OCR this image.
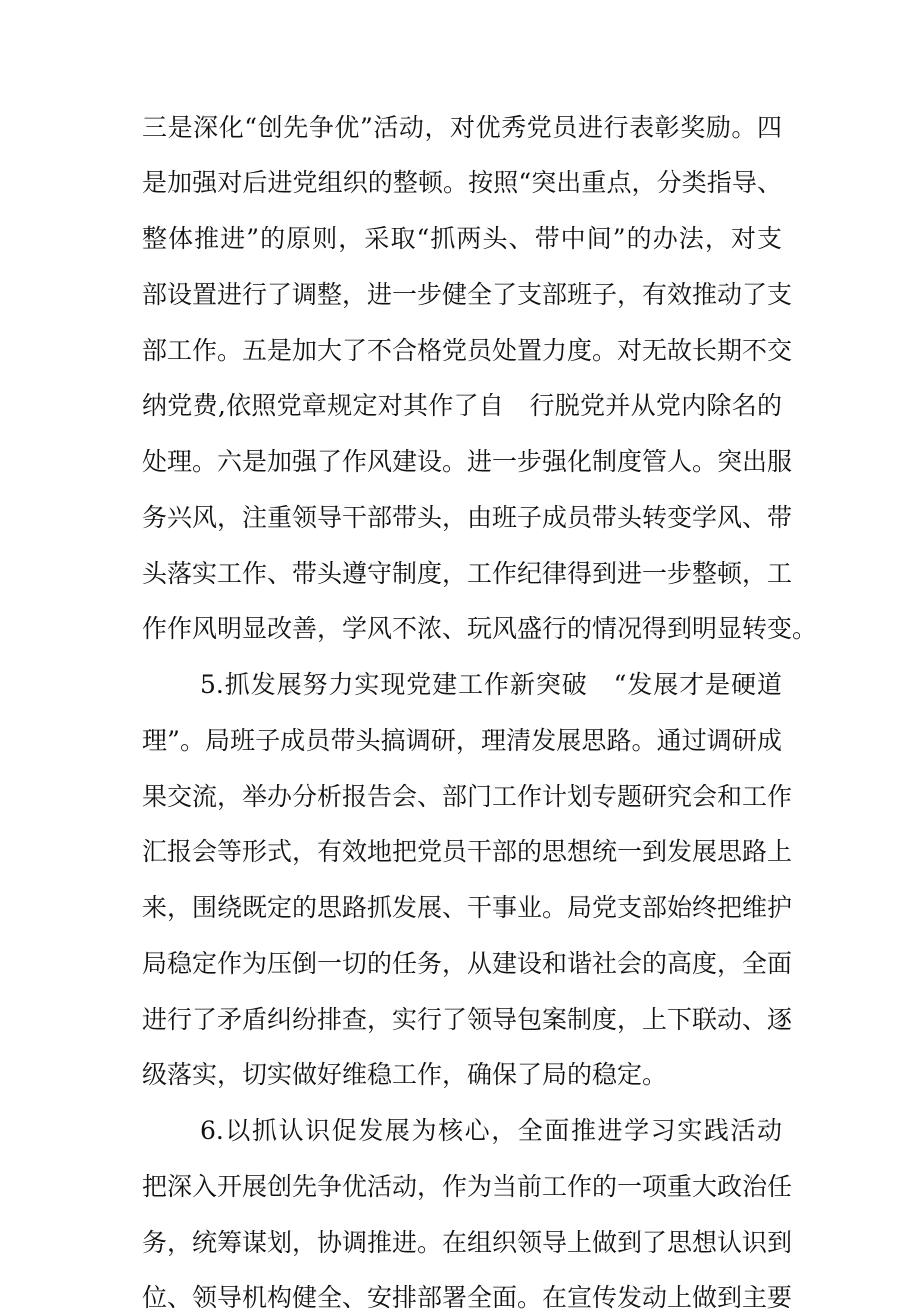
三是深化“创先争优”活动，对优秀党员进行表彰奖励。四

是加强对后进党组织的整顿。按照“突出重点，分类指导、

整体推进”的原则，采取“抓两头、带中间”的办法，对支

部设置进行了调整，进一步健全了支部班子，有效推动了支

部工作。五是加大了不合格党员处置力度。对无故长期不交

纳党费,依照党章规定对其作了自　行脱党并从党内除名的

处理。六是加强了作风建设。进一步强化制度管人。突出服

务兴风，注重领导干部带头，由班子成员带头转变学风、带

头落实工作、带头遵守制度，工作纪律得到进一步整顿，工

作作风明显改善，学风不浓、玩风盛行的情况得到明显转变。

5.抓发展努力实现党建工作新突破　“发展才是硬道

理”。局班子成员带头搞调研，理清发展思路。通过调研成

果交流，举办分析报告会、部门工作计划专题研究会和工作

汇报会等形式，有效地把党员干部的思想统一到发展思路上

来，围绕既定的思路抓发展、干事业。局党支部始终把维护

局稳定作为压倒一切的任务，从建设和谐社会的高度，全面

进行了矛盾纠纷排查，实行了领导包案制度，上下联动、逐

级落实，切实做好维稳工作，确保了局的稳定。

6.以抓认识促发展为核心，全面推进学习实践活动

把深入开展创先争优活动，作为当前工作的一项重大政治任

务，统筹谋划，协调推进。在组织领导上做到了思想认识到

位、领导机构健全、安排部署全面。在宣传发动上做到主要
